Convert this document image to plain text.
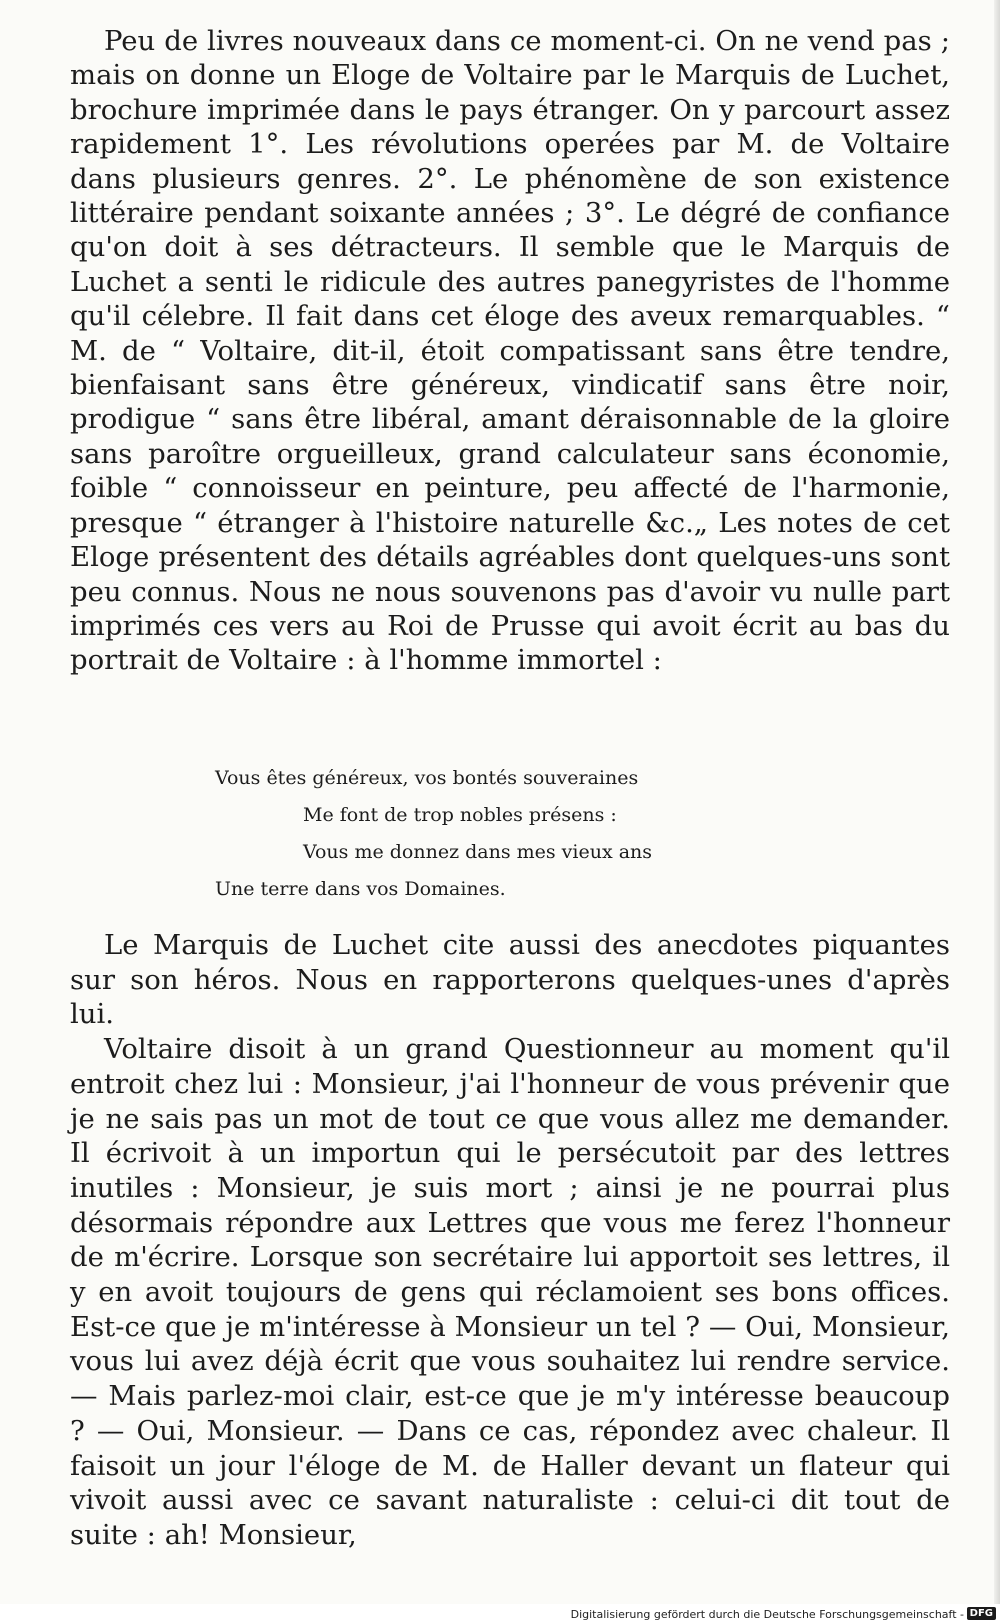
Peu de livres nouveaux dans ce moment-ci. On ne vend pas ; mais on donne un Eloge de Voltaire par le Marquis de Luchet, brochure imprimée dans le pays étranger. On y parcourt assez rapidement 1°. Les révolutions operées par M. de Voltaire dans plusieurs genres. 2°. Le phénomène de son existence littéraire pendant soixante années ; 3°. Le dégré de confiance qu'on doit à ses détracteurs. Il semble que le Marquis de Luchet a senti le ridicule des autres panegyristes de l'homme qu'il célebre. Il fait dans cet éloge des aveux remarquables. “ M. de “ Voltaire, dit-il, étoit compatissant sans être tendre, bienfaisant sans être généreux, vindicatif sans être noir, prodigue “ sans être libéral, amant déraisonnable de la gloire sans paroître orgueilleux, grand calculateur sans économie, foible “ connoisseur en peinture, peu affecté de l'harmonie, presque “ étranger à l'histoire naturelle &c.„ Les notes de cet Eloge présentent des détails agréables dont quelques-uns sont peu connus. Nous ne nous souvenons pas d'avoir vu nulle part imprimés ces vers au Roi de Prusse qui avoit écrit au bas du portrait de Voltaire : à l'homme immortel :

Vous êtes généreux, vos bontés souveraines
Me font de trop nobles présens :
Vous me donnez dans mes vieux ans
Une terre dans vos Domaines.

Le Marquis de Luchet cite aussi des anecdotes piquantes sur son héros. Nous en rapporterons quelques-unes d'après lui.

Voltaire disoit à un grand Questionneur au moment qu'il entroit chez lui : Monsieur, j'ai l'honneur de vous prévenir que je ne sais pas un mot de tout ce que vous allez me demander. Il écrivoit à un importun qui le persécutoit par des lettres inutiles : Monsieur, je suis mort ; ainsi je ne pourrai plus désormais répondre aux Lettres que vous me ferez l'honneur de m'écrire. Lorsque son secrétaire lui apportoit ses lettres, il y en avoit toujours de gens qui réclamoient ses bons offices. Est-ce que je m'intéresse à Monsieur un tel ? — Oui, Monsieur, vous lui avez déjà écrit que vous souhaitez lui rendre service. — Mais parlez-moi clair, est-ce que je m'y intéresse beaucoup ? — Oui, Monsieur. — Dans ce cas, répondez avec chaleur. Il faisoit un jour l'éloge de M. de Haller devant un flateur qui vivoit aussi avec ce savant naturaliste : celui-ci dit tout de suite : ah! Monsieur,

Digitalisierung gefördert durch die Deutsche Forschungsgemeinschaft - DFG
